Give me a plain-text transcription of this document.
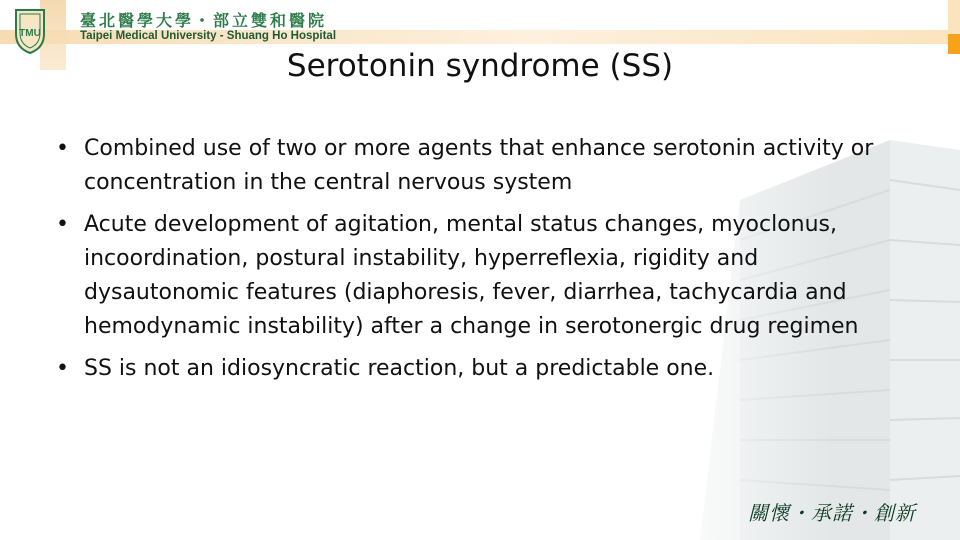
TMU
臺北醫學大學・部立雙和醫院
Taipei Medical University - Shuang Ho Hospital
Serotonin syndrome (SS)
• Combined use of two or more agents that enhance serotonin activity or concentration in the central nervous system
• Acute development of agitation, mental status changes, myoclonus, incoordination, postural instability, hyperreflexia, rigidity and dysautonomic features (diaphoresis, fever, diarrhea, tachycardia and hemodynamic instability) after a change in serotonergic drug regimen
• SS is not an idiosyncratic reaction, but a predictable one.
關懷・承諾・創新
